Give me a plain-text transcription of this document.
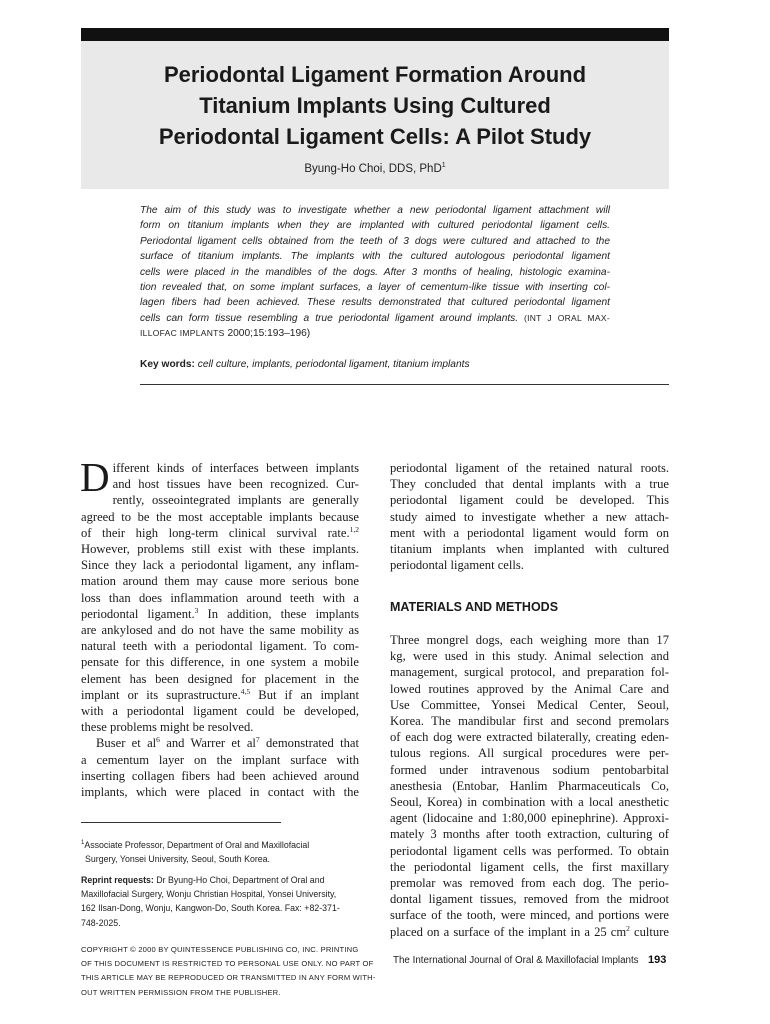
Periodontal Ligament Formation Around
Titanium Implants Using Cultured
Periodontal Ligament Cells: A Pilot Study
Byung-Ho Choi, DDS, PhD$^1$
The aim of this study was to investigate whether a new periodontal ligament attachment will
form on titanium implants when they are implanted with cultured periodontal ligament cells.
Periodontal ligament cells obtained from the teeth of 3 dogs were cultured and attached to the
surface of titanium implants. The implants with the cultured autologous periodontal ligament
cells were placed in the mandibles of the dogs. After 3 months of healing, histologic examina-
tion revealed that, on some implant surfaces, a layer of cementum-like tissue with inserting col-
lagen fibers had been achieved. These results demonstrated that cultured periodontal ligament
cells can form tissue resembling a true periodontal ligament around implants. (INT J ORAL MAX-
ILLOFAC IMPLANTS 2000;15:193–196)
Key words: cell culture, implants, periodontal ligament, titanium implants
D ifferent kinds of interfaces between implants
and host tissues have been recognized. Cur-
rently, osseointegrated implants are generally
agreed to be the most acceptable implants because
of their high long-term clinical survival rate.$^{1,2}$
However, problems still exist with these implants.
Since they lack a periodontal ligament, any inflam-
mation around them may cause more serious bone
loss than does inflammation around teeth with a
periodontal ligament.$^3$ In addition, these implants
are ankylosed and do not have the same mobility as
natural teeth with a periodontal ligament. To com-
pensate for this difference, in one system a mobile
element has been designed for placement in the
implant or its suprastructure.$^{4,5}$ But if an implant
with a periodontal ligament could be developed,
these problems might be resolved.
Buser et $al^6$ and Warrer et $al^7$ demonstrated that
a cementum layer on the implant surface with
inserting collagen fibers had been achieved around
implants, which were placed in contact with the
periodontal ligament of the retained natural roots.
They concluded that dental implants with a true
periodontal ligament could be developed. This
study aimed to investigate whether a new attach-
ment with a periodontal ligament would form on
titanium implants when implanted with cultured
periodontal ligament cells.
MATERIALS AND METHODS
Three mongrel dogs, each weighing more than 17
kg, were used in this study. Animal selection and
management, surgical protocol, and preparation fol-
lowed routines approved by the Animal Care and
Use Committee, Yonsei Medical Center, Seoul,
Korea. The mandibular first and second premolars
of each dog were extracted bilaterally, creating eden-
tulous regions. All surgical procedures were per-
formed under intravenous sodium pentobarbital
anesthesia (Entobar, Hanlim Pharmaceuticals Co,
Seoul, Korea) in combination with a local anesthetic
agent (lidocaine and 1:80,000 epinephrine). Approxi-
mately 3 months after tooth extraction, culturing of
periodontal ligament cells was performed. To obtain
the periodontal ligament cells, the first maxillary
premolar was removed from each dog. The perio-
dontal ligament tissues, removed from the midroot
surface of the tooth, were minced, and portions were
placed on a surface of the implant in a 25 $cm^2$ culture
$^1$Associate Professor, Department of Oral and Maxillofacial
Surgery, Yonsei University, Seoul, South Korea.
Reprint requests: Dr Byung-Ho Choi, Department of Oral and
Maxillofacial Surgery, Wonju Christian Hospital, Yonsei University,
162 Ilsan-Dong, Wonju, Kangwon-Do, South Korea. Fax: +82-371-
748-2025.
COPYRIGHT © 2000 BY QUINTESSENCE PUBLISHING CO, INC. PRINTING
OF THIS DOCUMENT IS RESTRICTED TO PERSONAL USE ONLY. NO PART OF
THIS ARTICLE MAY BE REPRODUCED OR TRANSMITTED IN ANY FORM WITH-
OUT WRITTEN PERMISSION FROM THE PUBLISHER.
The International Journal of Oral & Maxillofacial Implants 193
